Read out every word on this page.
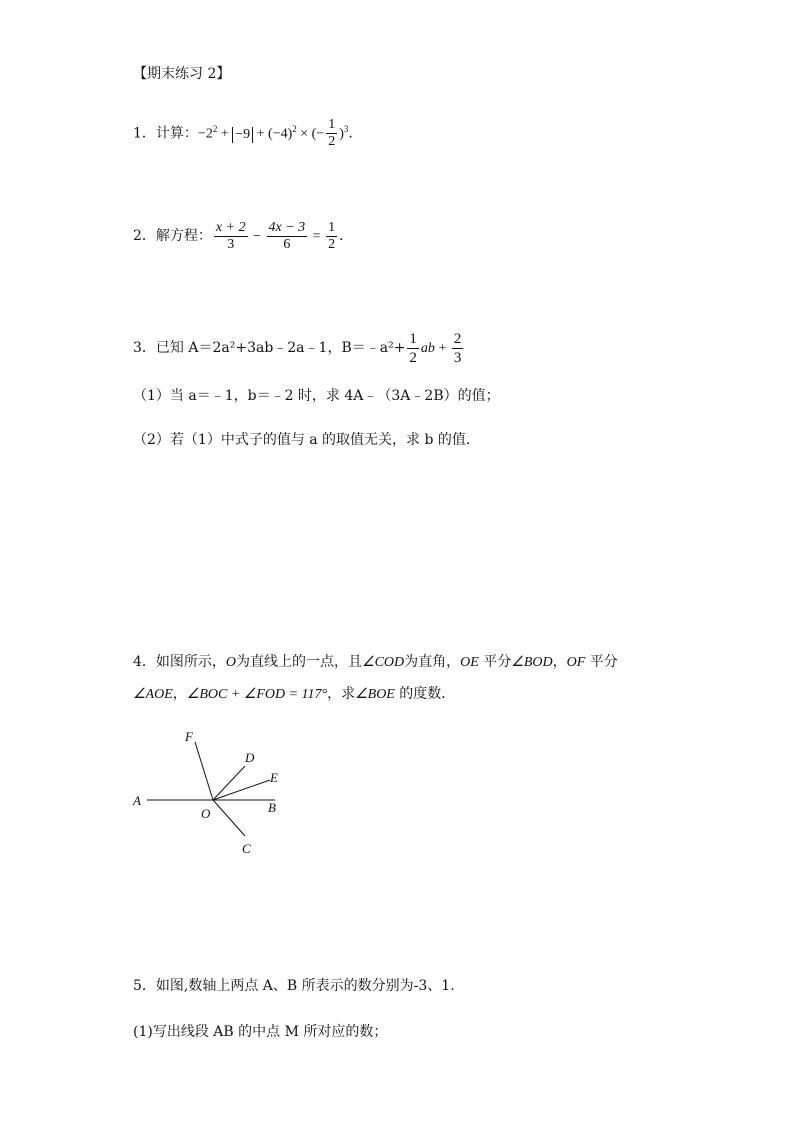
【期末练习 2】
1．计算：$-2^2 + -9 + (-4)^2$ × (− $\frac{1}{2} )^3$．
2．解方程： $\frac{x + 2}{3} - \frac{4x - 3}{6} = \frac{1}{2}$ ．
3．已知 A＝2a²+3ab﹣2a﹣1，B＝﹣a²+ $\frac{1}{2}$ ab + $\frac{2}{3}$
（1）当 a＝﹣1，b＝﹣2 时，求 4A﹣（3A﹣2B）的值；
（2）若（1）中式子的值与 a 的取值无关，求 b 的值．
4．如图所示，O为直线上的一点，且∠COD为直角，OE 平分∠BOD，OF 平分
∠AOE，∠BOC + ∠FOD = 117°，求∠BOE 的度数．
A	B
C
D
E
F
O
5．如图,数轴上两点 A、B 所表示的数分别为-3、1.
(1)写出线段 AB 的中点 M 所对应的数；
